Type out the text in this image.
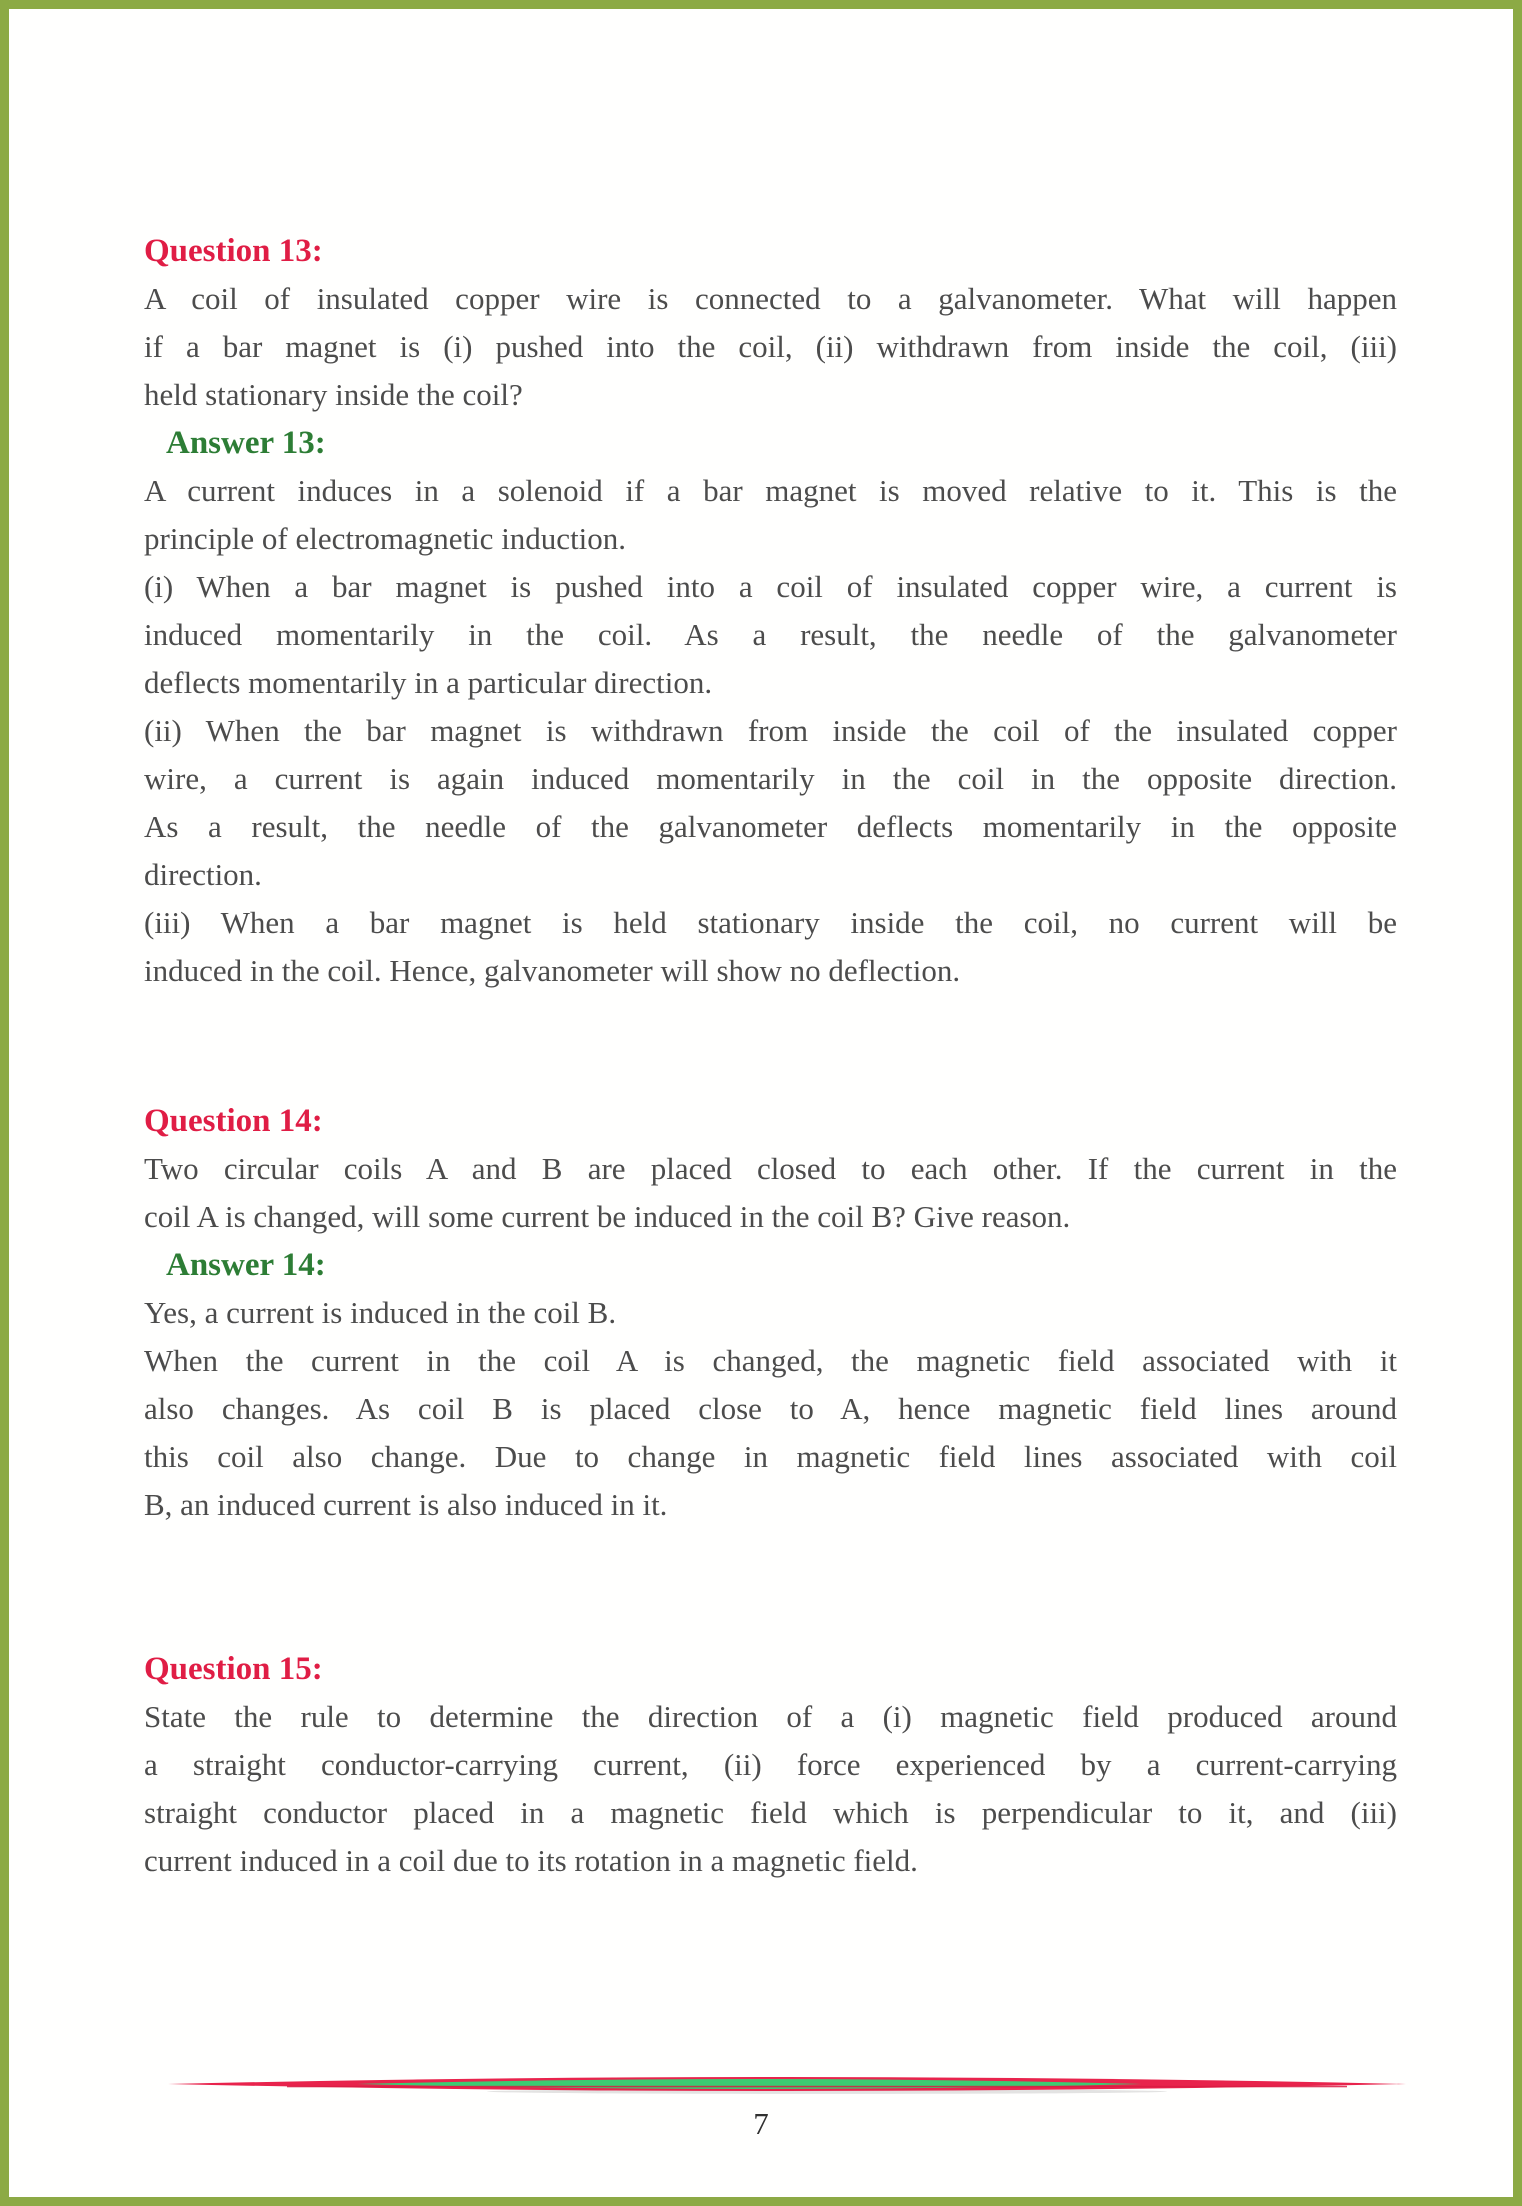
Question 13:
A coil of insulated copper wire is connected to a galvanometer. What will happen
if a bar magnet is (i) pushed into the coil, (ii) withdrawn from inside the coil, (iii)
held stationary inside the coil?
Answer 13:
A current induces in a solenoid if a bar magnet is moved relative to it. This is the
principle of electromagnetic induction.
(i) When a bar magnet is pushed into a coil of insulated copper wire, a current is
induced momentarily in the coil. As a result, the needle of the galvanometer
deflects momentarily in a particular direction.
(ii) When the bar magnet is withdrawn from inside the coil of the insulated copper
wire, a current is again induced momentarily in the coil in the opposite direction.
As a result, the needle of the galvanometer deflects momentarily in the opposite
direction.
(iii) When a bar magnet is held stationary inside the coil, no current will be
induced in the coil. Hence, galvanometer will show no deflection.
Question 14:
Two circular coils A and B are placed closed to each other. If the current in the
coil A is changed, will some current be induced in the coil B? Give reason.
Answer 14:
Yes, a current is induced in the coil B.
When the current in the coil A is changed, the magnetic field associated with it
also changes. As coil B is placed close to A, hence magnetic field lines around
this coil also change. Due to change in magnetic field lines associated with coil
B, an induced current is also induced in it.
Question 15:
State the rule to determine the direction of a (i) magnetic field produced around
a straight conductor-carrying current, (ii) force experienced by a current-carrying
straight conductor placed in a magnetic field which is perpendicular to it, and (iii)
current induced in a coil due to its rotation in a magnetic field.
7
